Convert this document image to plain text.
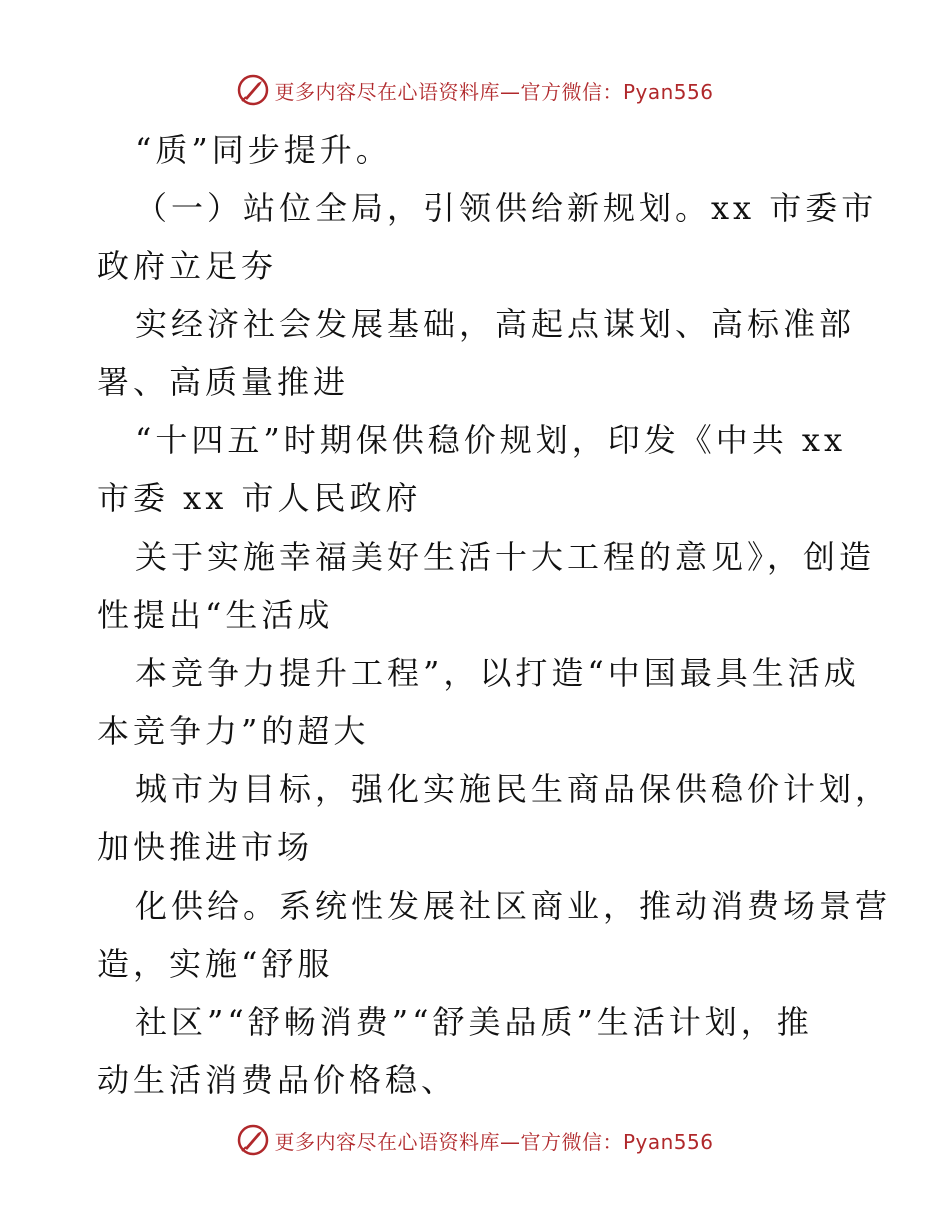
更多内容尽在心语资料库—官方微信：Pyan556
“质”同步提升。
（一）站位全局，引领供给新规划。xx 市委市
政府立足夯
实经济社会发展基础，高起点谋划、高标准部
署、高质量推进
“十四五”时期保供稳价规划，印发《中共 xx
市委 xx 市人民政府
关于实施幸福美好生活十大工程的意见》，创造
性提出“生活成
本竞争力提升工程”，以打造“中国最具生活成
本竞争力”的超大
城市为目标，强化实施民生商品保供稳价计划，
加快推进市场
化供给。系统性发展社区商业，推动消费场景营
造，实施“舒服
社区”“舒畅消费”“舒美品质”生活计划，推
动生活消费品价格稳、
更多内容尽在心语资料库—官方微信：Pyan556
